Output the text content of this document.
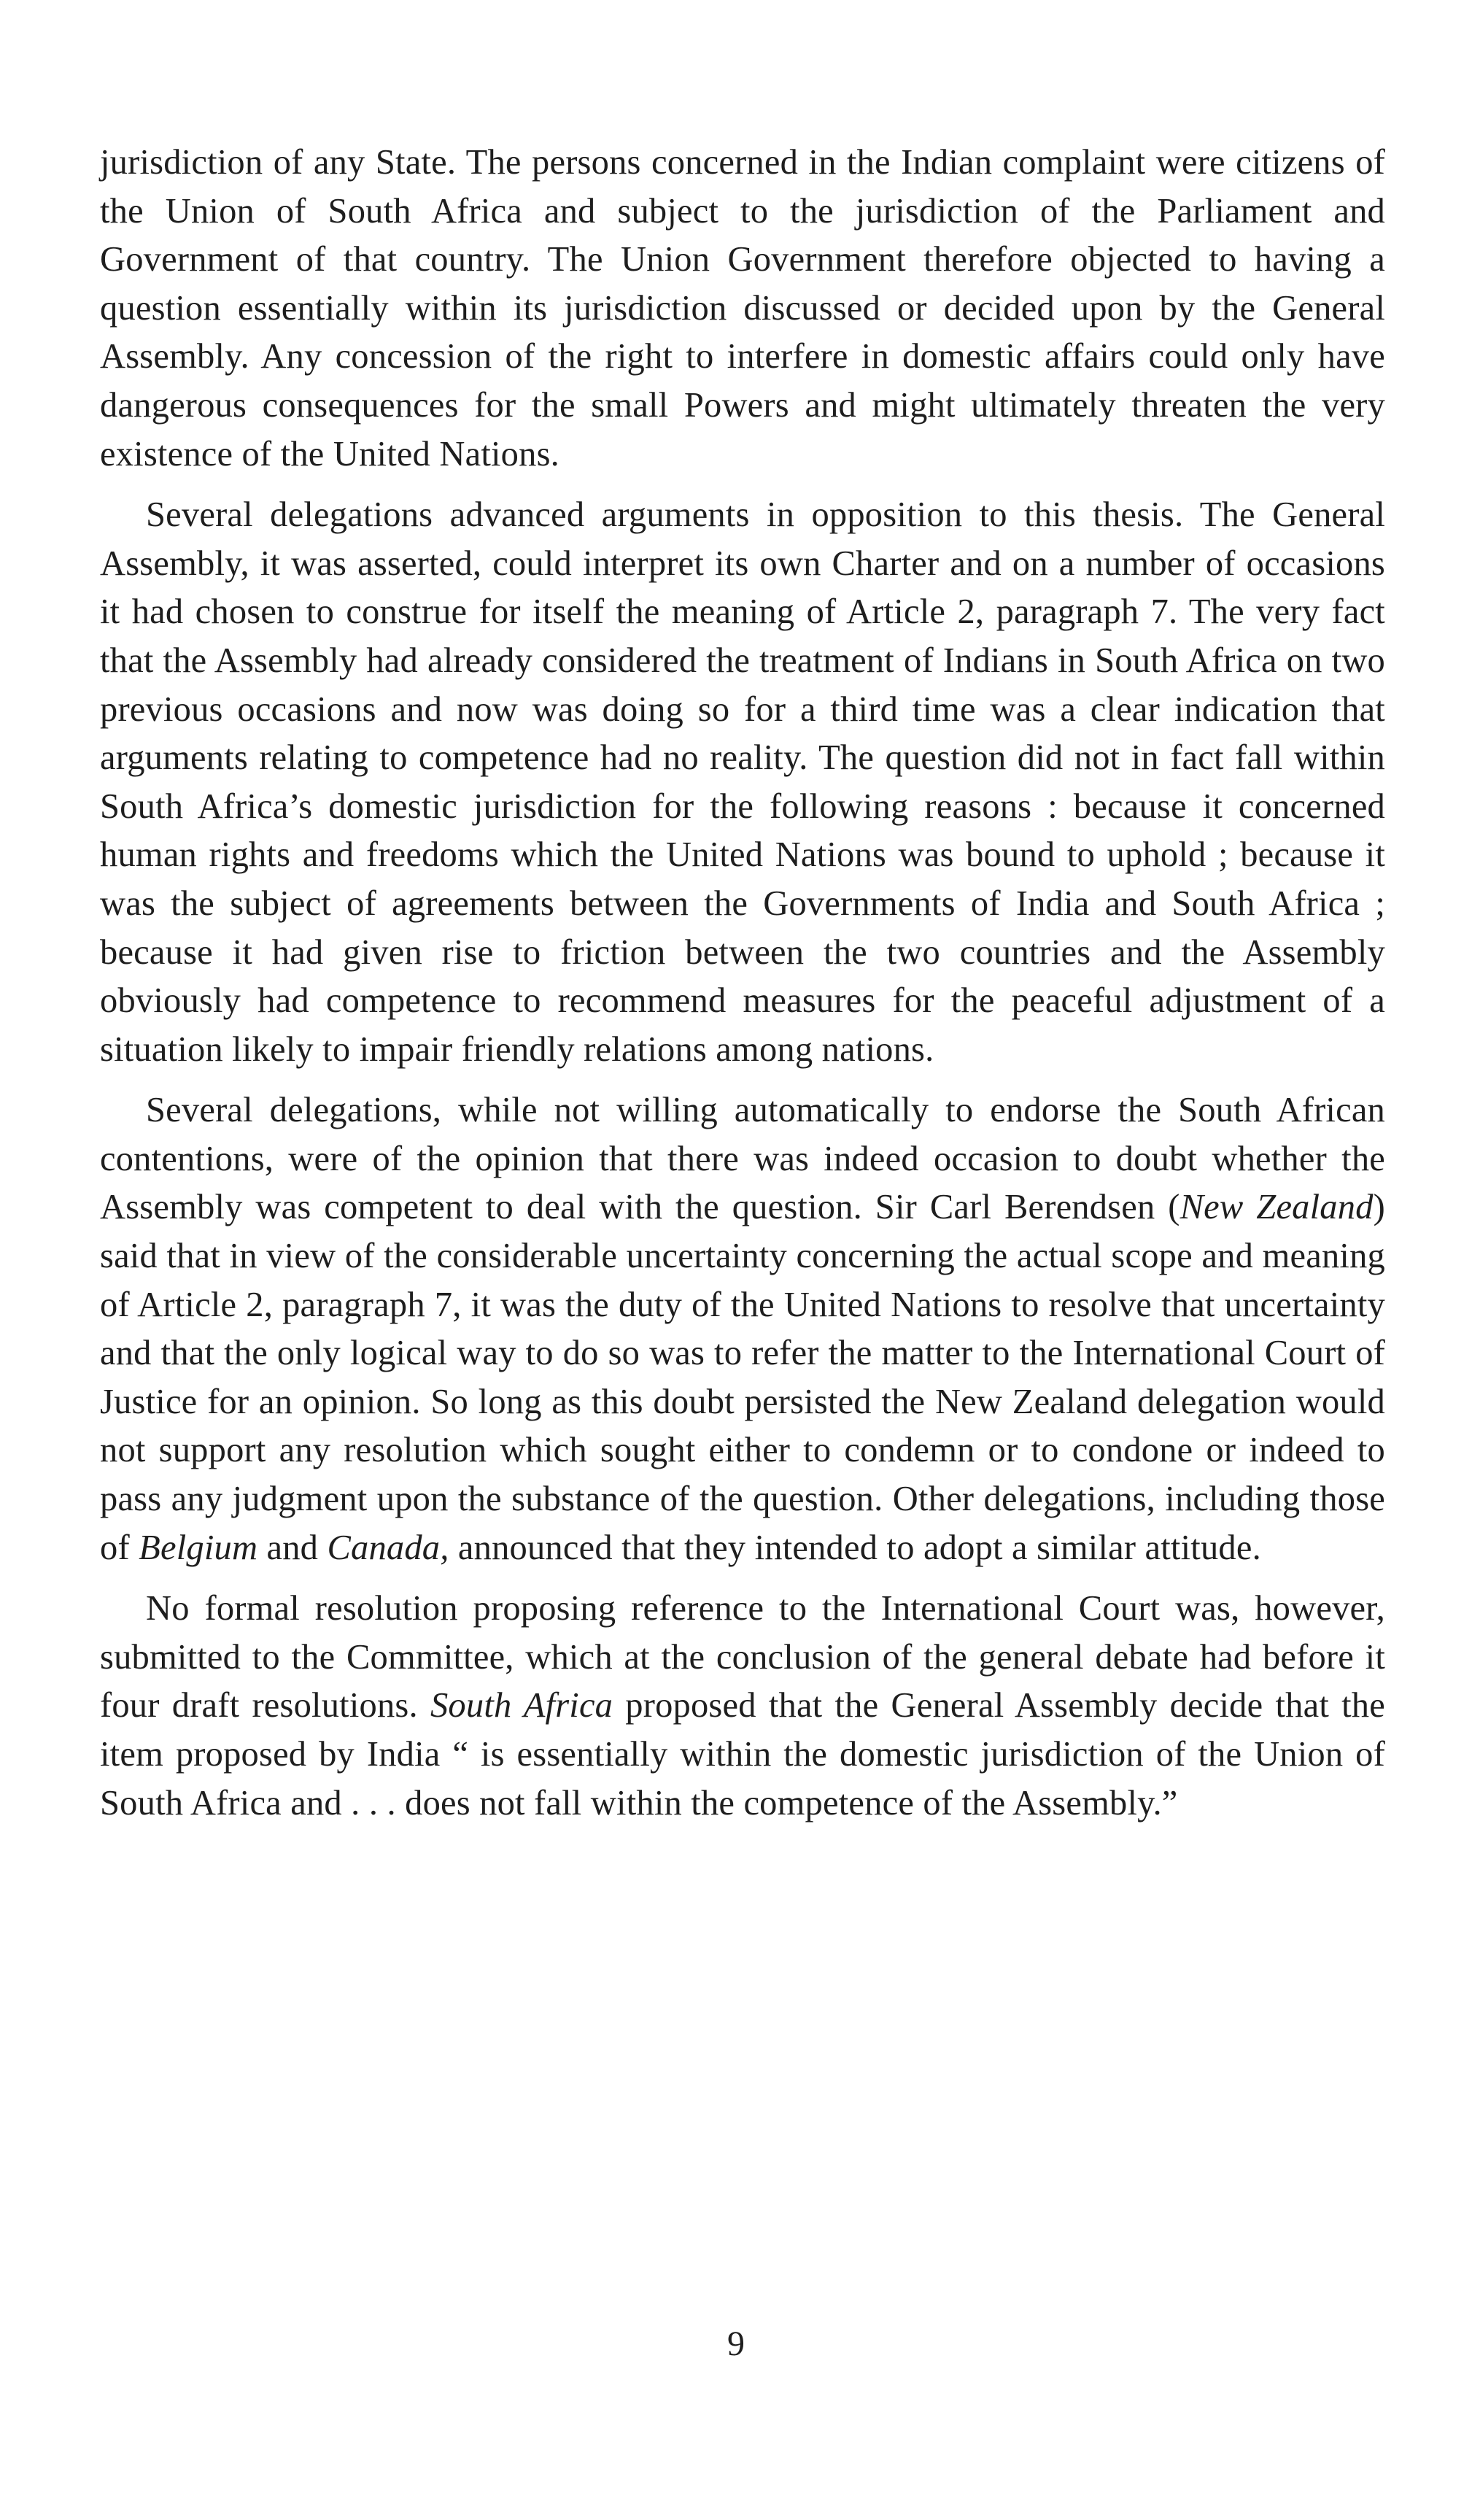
jurisdiction of any State. The persons concerned in the Indian complaint were citizens of the Union of South Africa and subject to the jurisdiction of the Parliament and Government of that country. The Union Government therefore objected to having a question essentially within its jurisdiction discussed or decided upon by the General Assembly. Any concession of the right to interfere in domestic affairs could only have dangerous consequences for the small Powers and might ultimately threaten the very existence of the United Nations.

Several delegations advanced arguments in opposition to this thesis. The General Assembly, it was asserted, could interpret its own Charter and on a number of occasions it had chosen to construe for itself the meaning of Article 2, paragraph 7. The very fact that the Assembly had already considered the treatment of Indians in South Africa on two previous occasions and now was doing so for a third time was a clear indication that arguments relating to competence had no reality. The question did not in fact fall within South Africa’s domestic jurisdiction for the following reasons : because it concerned human rights and freedoms which the United Nations was bound to uphold ; because it was the subject of agreements between the Governments of India and South Africa ; because it had given rise to friction between the two countries and the Assembly obviously had competence to recommend measures for the peaceful adjustment of a situation likely to impair friendly relations among nations.

Several delegations, while not willing automatically to endorse the South African contentions, were of the opinion that there was indeed occasion to doubt whether the Assembly was competent to deal with the question. Sir Carl Berendsen (New Zealand) said that in view of the considerable uncertainty concerning the actual scope and meaning of Article 2, paragraph 7, it was the duty of the United Nations to resolve that uncertainty and that the only logical way to do so was to refer the matter to the International Court of Justice for an opinion. So long as this doubt persisted the New Zealand delegation would not support any resolution which sought either to condemn or to condone or indeed to pass any judgment upon the substance of the question. Other delegations, including those of Belgium and Canada, announced that they intended to adopt a similar attitude.

No formal resolution proposing reference to the International Court was, however, submitted to the Committee, which at the conclusion of the general debate had before it four draft resolutions. South Africa proposed that the General Assembly decide that the item proposed by India “ is essentially within the domestic jurisdiction of the Union of South Africa and . . . does not fall within the competence of the Assembly.”

9
